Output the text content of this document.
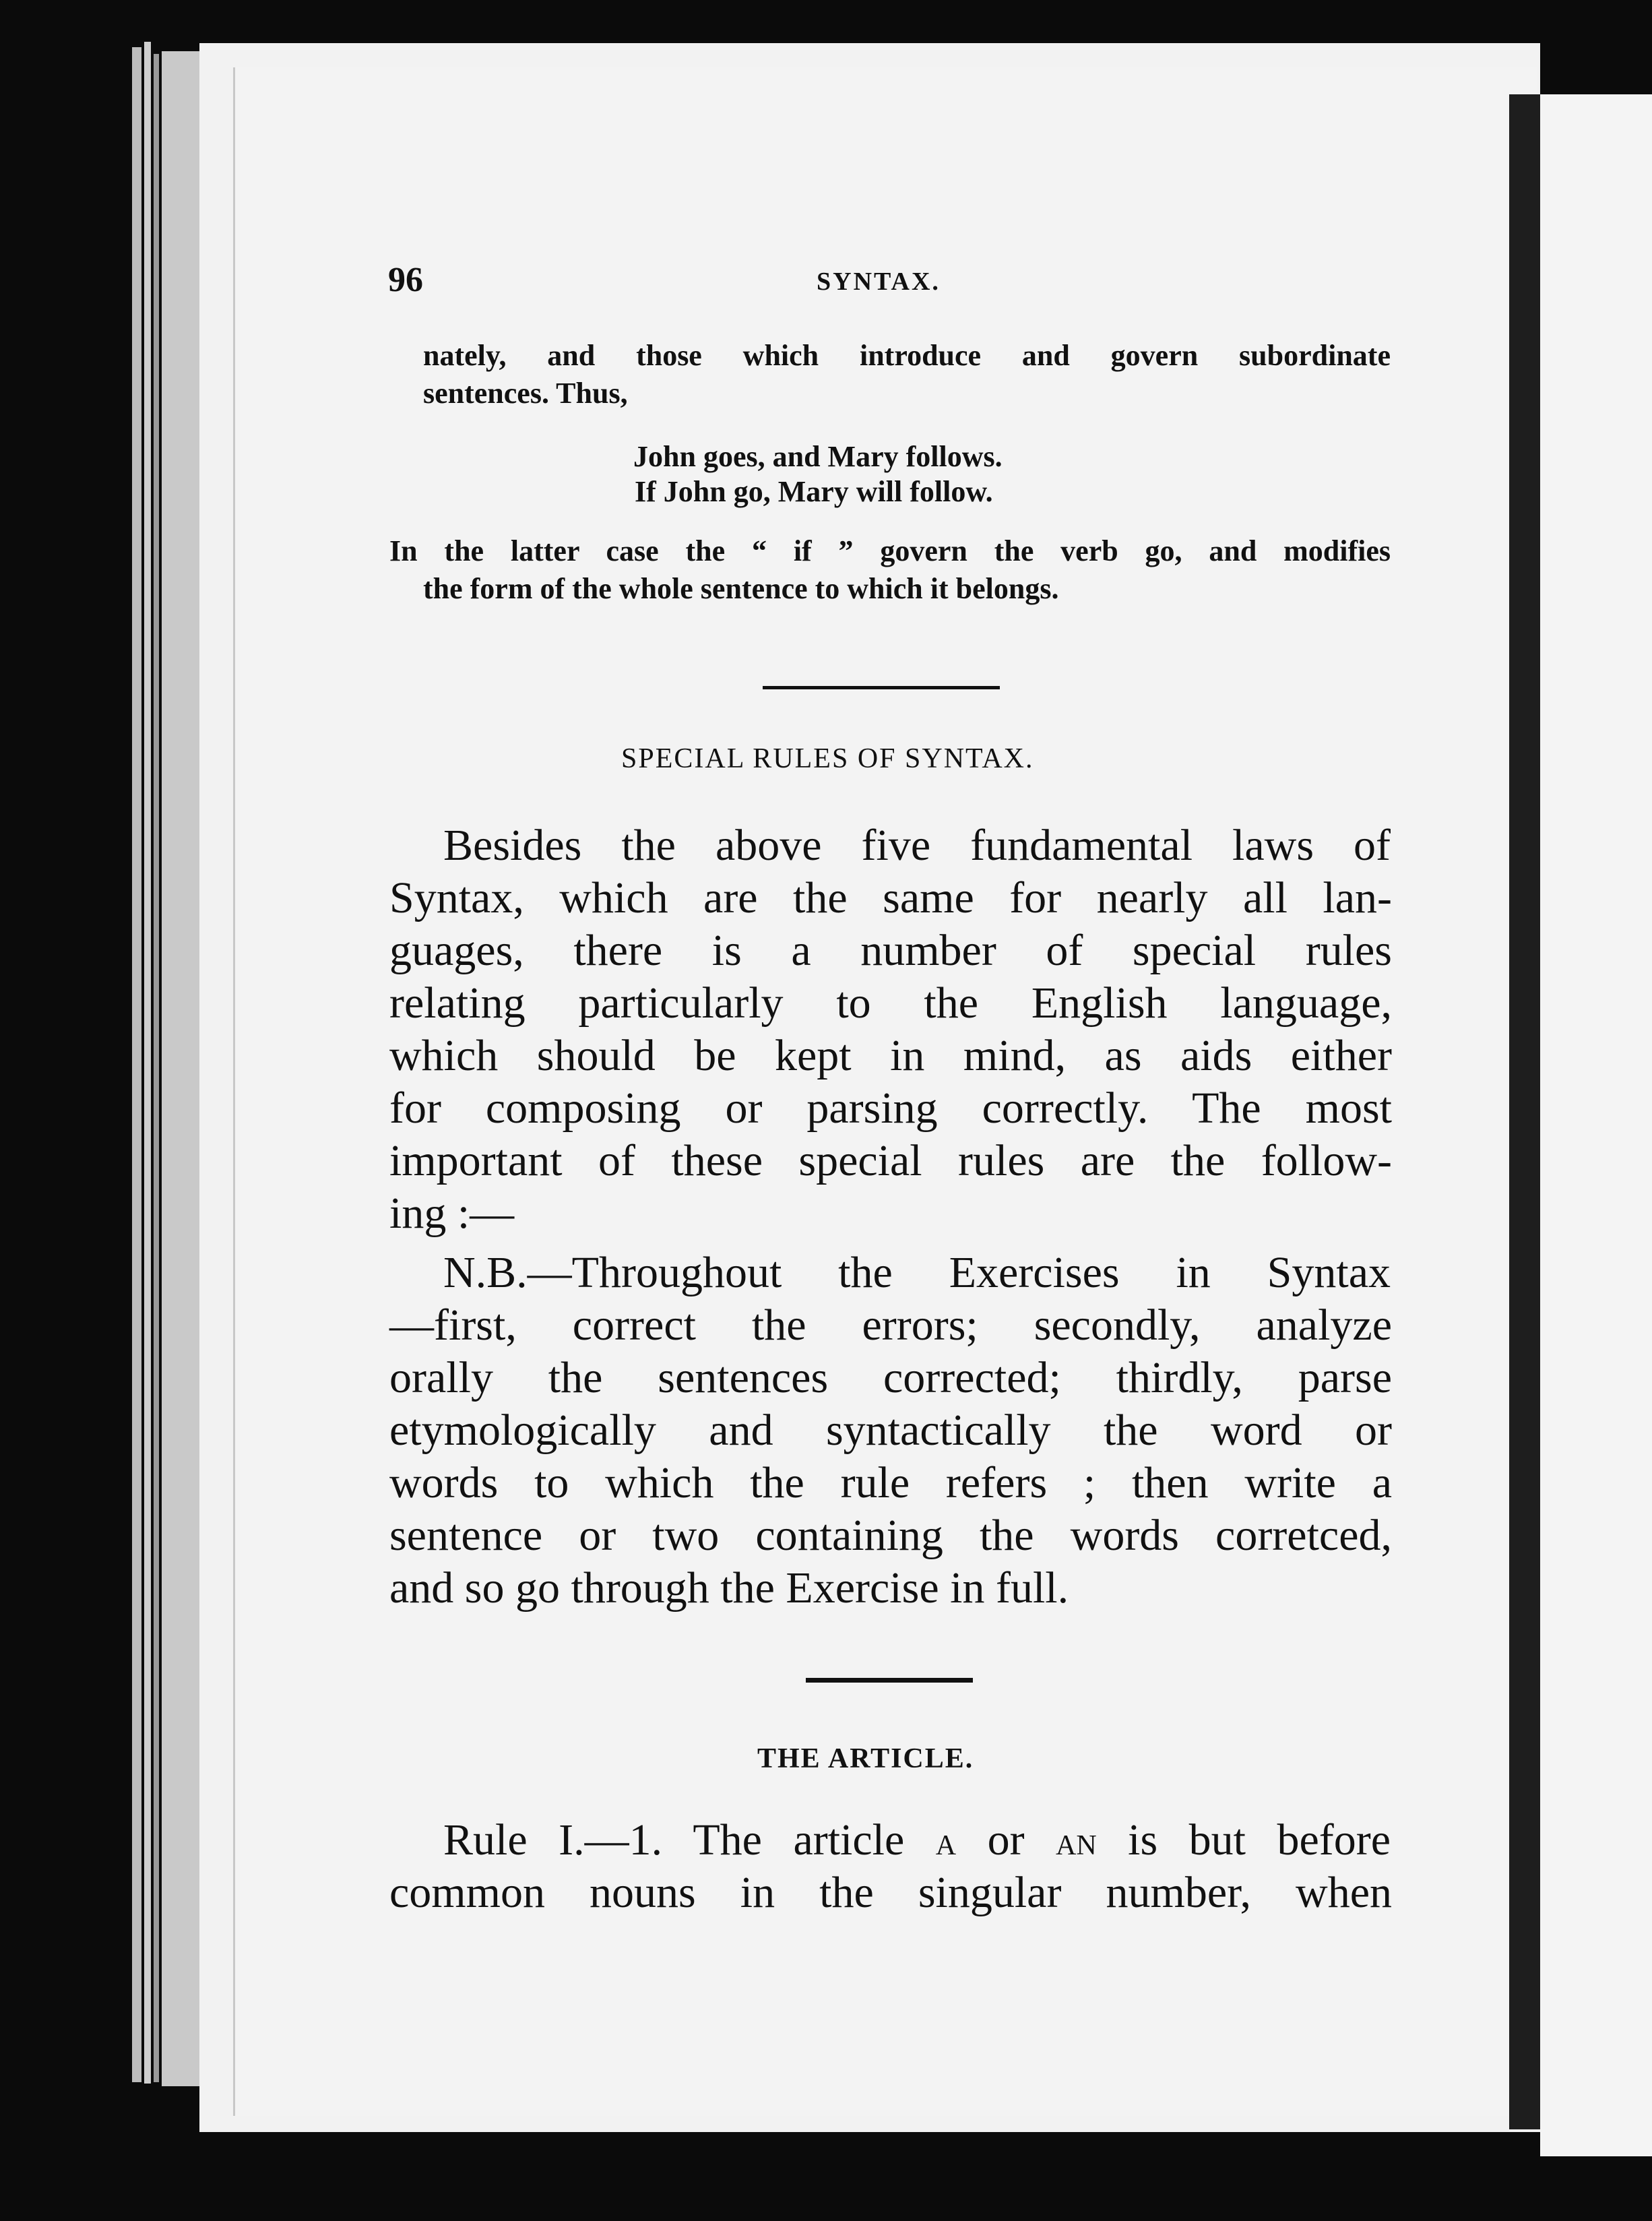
96	SYNTAX.
nately, and those which introduce and govern subordinate
sentences. Thus,
John goes, and Mary follows.
If John go, Mary will follow.
In the latter case the “ if ” govern the verb go, and modifies
the form of the whole sentence to which it belongs.
SPECIAL RULES OF SYNTAX.
Besides the above five fundamental laws of
Syntax, which are the same for nearly all lan-
guages, there is a number of special rules
relating particularly to the English language,
which should be kept in mind, as aids either
for composing or parsing correctly. The most
important of these special rules are the follow-
ing :—
N.B.—Throughout the Exercises in Syntax
—first, correct the errors; secondly, analyze
orally the sentences corrected; thirdly, parse
etymologically and syntactically the word or
words to which the rule refers ; then write a
sentence or two containing the words corretced,
and so go through the Exercise in full.
THE ARTICLE.
Rule I.—1. The article a or an is but before
common nouns in the singular number, when
